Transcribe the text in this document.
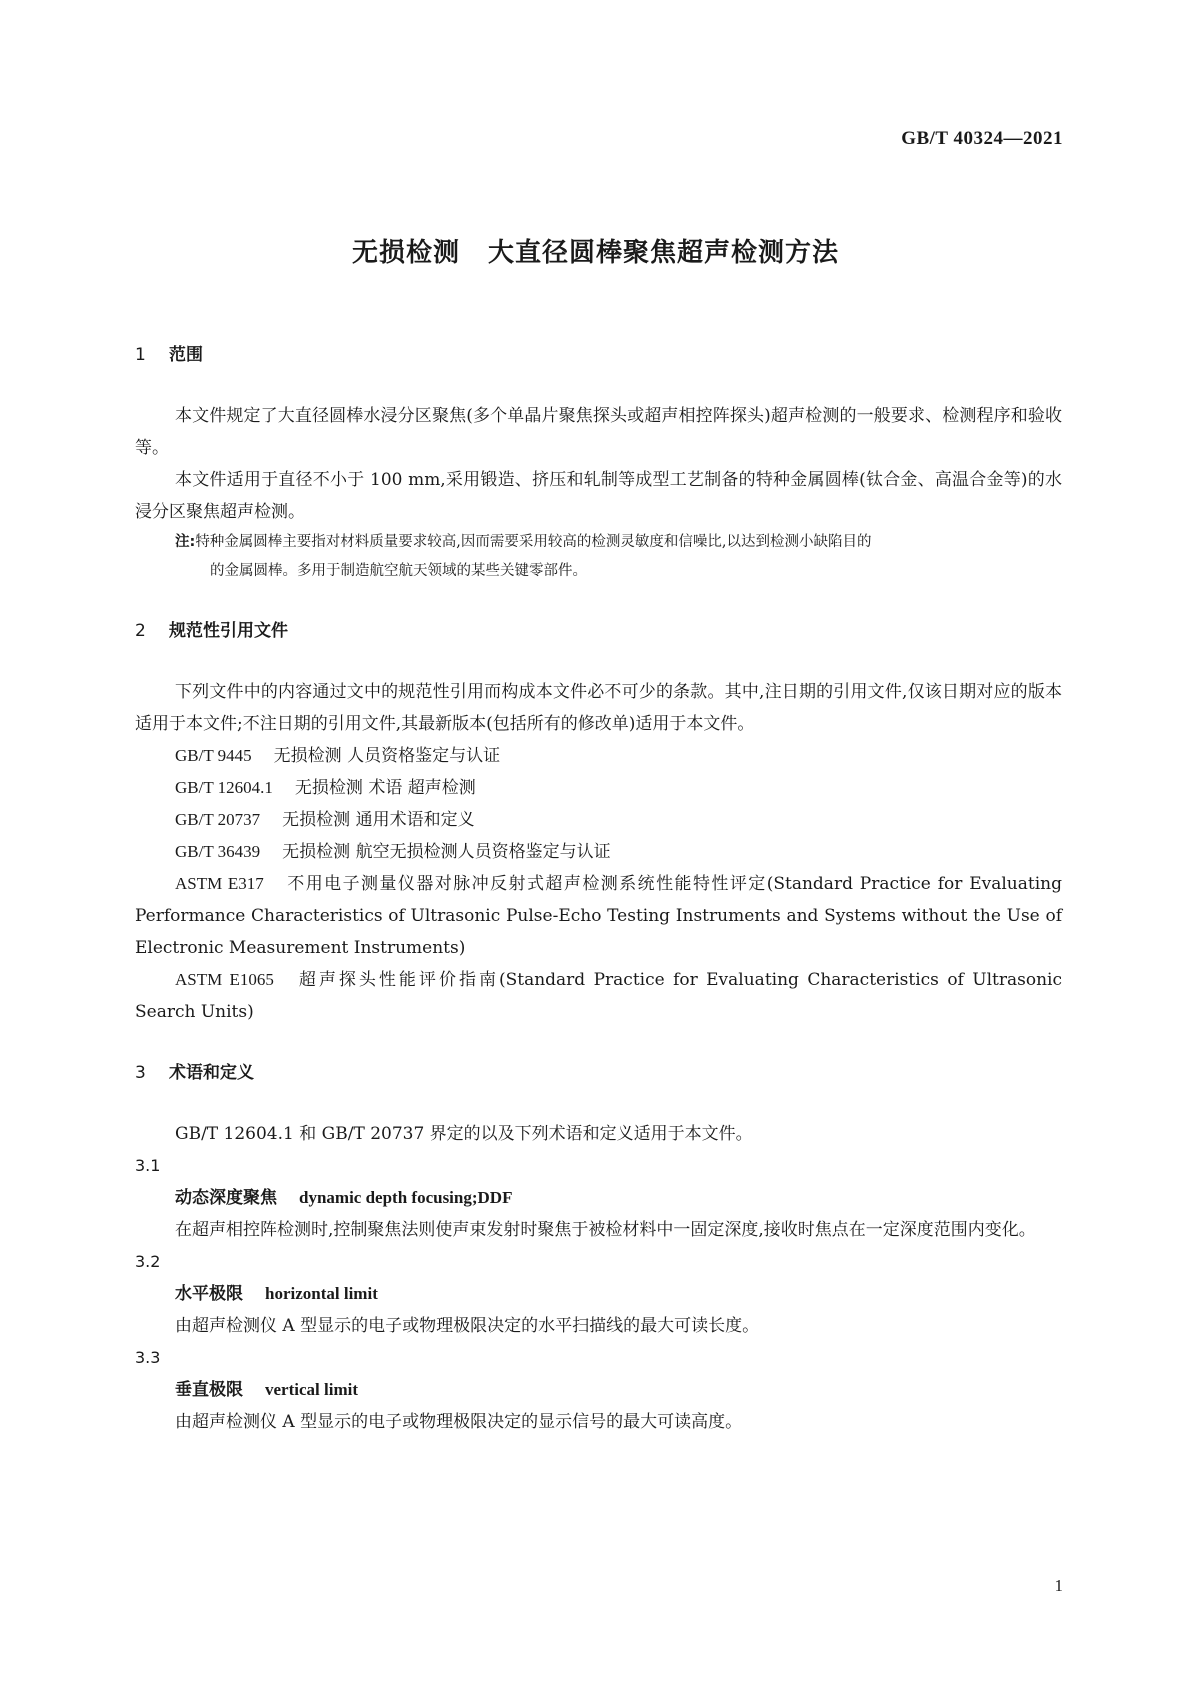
GB/T 40324—2021
无损检测 大直径圆棒聚焦超声检测方法

1 范围

本文件规定了大直径圆棒水浸分区聚焦(多个单晶片聚焦探头或超声相控阵探头)超声检测的一般要求、检测程序和验收等。

本文件适用于直径不小于 100 mm,采用锻造、挤压和轧制等成型工艺制备的特种金属圆棒(钛合金、高温合金等)的水浸分区聚焦超声检测。

注:特种金属圆棒主要指对材料质量要求较高,因而需要采用较高的检测灵敏度和信噪比,以达到检测小缺陷目的
的金属圆棒。多用于制造航空航天领域的某些关键零部件。

2 规范性引用文件

下列文件中的内容通过文中的规范性引用而构成本文件必不可少的条款。其中,注日期的引用文件,仅该日期对应的版本适用于本文件;不注日期的引用文件,其最新版本(包括所有的修改单)适用于本文件。

GB/T 9445 无损检测 人员资格鉴定与认证

GB/T 12604.1 无损检测 术语 超声检测

GB/T 20737 无损检测 通用术语和定义

GB/T 36439 无损检测 航空无损检测人员资格鉴定与认证

ASTM E317 不用电子测量仪器对脉冲反射式超声检测系统性能特性评定(Standard Practice for Evaluating Performance Characteristics of Ultrasonic Pulse-Echo Testing Instruments and Systems without the Use of Electronic Measurement Instruments)

ASTM E1065 超声探头性能评价指南(Standard Practice for Evaluating Characteristics of Ultrasonic Search Units)

3 术语和定义

GB/T 12604.1 和 GB/T 20737 界定的以及下列术语和定义适用于本文件。

3.1

动态深度聚焦 dynamic depth focusing;DDF

在超声相控阵检测时,控制聚焦法则使声束发射时聚焦于被检材料中一固定深度,接收时焦点在一定深度范围内变化。

3.2

水平极限 horizontal limit

由超声检测仪 A 型显示的电子或物理极限决定的水平扫描线的最大可读长度。

3.3

垂直极限 vertical limit

由超声检测仪 A 型显示的电子或物理极限决定的显示信号的最大可读高度。

1
